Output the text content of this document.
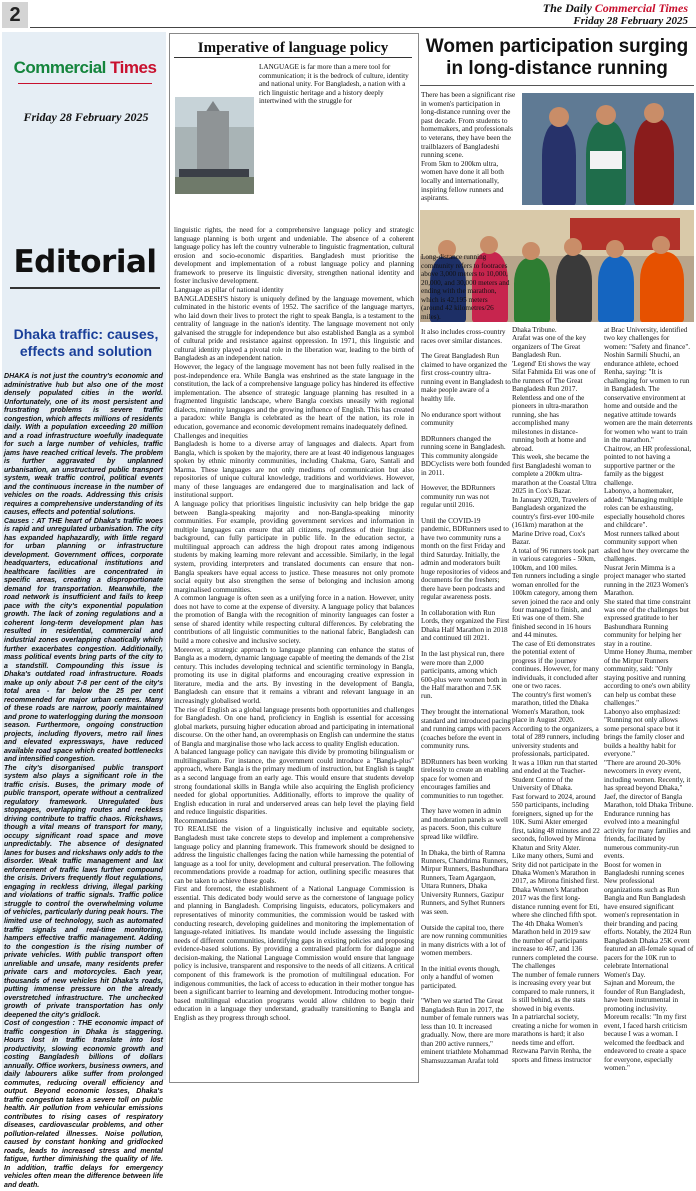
2	The Daily Commercial Times
Friday 28 February 2025
Commercial Times
Friday 28 February 2025
Editorial
Dhaka traffic: causes, effects and solution

DHAKA is not just the country's economic and administrative hub but also one of the most densely populated cities in the world. Unfortunately, one of its most persistent and frustrating problems is severe traffic congestion, which affects millions of residents daily. With a population exceeding 20 million and a road infrastructure woefully inadequate for such a large number of vehicles, traffic jams have reached critical levels. The problem is further aggravated by unplanned urbanisation, an unstructured public transport system, weak traffic control, political events and the continuous increase in the number of vehicles on the roads. Addressing this crisis requires a comprehensive understanding of its causes, effects and potential solutions.

Causes : AT THE heart of Dhaka's traffic woes is rapid and unregulated urbanisation. The city has expanded haphazardly, with little regard for urban planning or infrastructure development. Government offices, corporate headquarters, educational institutions and healthcare facilities are concentrated in specific areas, creating a disproportionate demand for transportation. Meanwhile, the road network is insufficient and fails to keep pace with the city's exponential population growth. The lack of zoning regulations and a coherent long-term development plan has resulted in residential, commercial and industrial zones overlapping chaotically which further exacerbates congestion. Additionally, mass political events bring parts of the city to a standstill. Compounding this issue is Dhaka's outdated road infrastructure. Roads make up only about 7-8 per cent of the city's total area - far below the 25 per cent recommended for major urban centres. Many of these roads are narrow, poorly maintained and prone to waterlogging during the monsoon season. Furthermore, ongoing construction projects, including flyovers, metro rail lines and elevated expressways, have reduced available road space which created bottlenecks and intensified congestion.

The city's disorganised public transport system also plays a significant role in the traffic crisis. Buses, the primary mode of public transport, operate without a centralized regulatory framework. Unregulated bus stoppages, overlapping routes and reckless driving contribute to traffic chaos. Rickshaws, though a vital means of transport for many, occupy significant road space and move unpredictably. The absence of designated lanes for buses and rickshaws only adds to the disorder. Weak traffic management and lax enforcement of traffic laws further compound the crisis. Drivers frequently flout regulations, engaging in reckless driving, illegal parking and violations of traffic signals. Traffic police struggle to control the overwhelming volume of vehicles, particularly during peak hours. The limited use of technology, such as automated traffic signals and real-time monitoring, hampers effective traffic management. Adding to the congestion is the rising number of private vehicles. With public transport often unreliable and unsafe, many residents prefer private cars and motorcycles. Each year, thousands of new vehicles hit Dhaka's roads, putting immense pressure on the already overstretched infrastructure. The unchecked growth of private transportation has only deepened the city's gridlock.

Cost of congestion : THE economic impact of traffic congestion in Dhaka is staggering. Hours lost in traffic translate into lost productivity, slowing economic growth and costing Bangladesh billions of dollars annually. Office workers, business owners, and daily labourers alike suffer from prolonged commutes, reducing overall efficiency and output. Beyond economic losses, Dhaka's traffic congestion takes a severe toll on public health. Air pollution from vehicular emissions contributes to rising cases of respiratory diseases, cardiovascular problems, and other pollution-related illnesses. Noise pollution, caused by constant honking and gridlocked roads, leads to increased stress and mental fatigue, further diminishing the quality of life. In addition, traffic delays for emergency vehicles often mean the difference between life and death.

Imperative of language policy

LANGUAGE is far more than a mere tool for communication; it is the bedrock of culture, identity and national unity. For Bangladesh, a nation with a rich linguistic heritage and a history deeply intertwined with the struggle for

linguistic rights, the need for a comprehensive language policy and strategic language planning is both urgent and undeniable. The absence of a coherent language policy has left the country vulnerable to linguistic fragmentation, cultural erosion and socio-economic disparities. Bangladesh must prioritise the development and implementation of a robust language policy and planning framework to preserve its linguistic diversity, strengthen national identity and foster inclusive development.

Language as pillar of national identity

BANGLADESH'S history is uniquely defined by the language movement, which culminated in the historic events of 1952. The sacrifice of the language martyrs, who laid down their lives to protect the right to speak Bangla, is a testament to the centrality of language in the nation's identity. The language movement not only galvanised the struggle for independence but also established Bangla as a symbol of cultural pride and resistance against oppression. In 1971, this linguistic and cultural identity played a pivotal role in the liberation war, leading to the birth of Bangladesh as an independent nation.

However, the legacy of the language movement has not been fully realised in the post-independence era. While Bangla was enshrined as the state language in the constitution, the lack of a comprehensive language policy has hindered its effective implementation. The absence of strategic language planning has resulted in a fragmented linguistic landscape, where Bangla coexists uneasily with regional dialects, minority languages and the growing influence of English. This has created a paradox: while Bangla is celebrated as the heart of the nation, its role in education, governance and economic development remains inadequately defined.

Challenges and inequities

Bangladesh is home to a diverse array of languages and dialects. Apart from Bangla, which is spoken by the majority, there are at least 40 indigenous languages spoken by ethnic minority communities, including Chakma, Garo, Santali and Marma. These languages are not only mediums of communication but also repositories of unique cultural knowledge, traditions and worldviews. However, many of these languages are endangered due to marginalisation and lack of institutional support.

A language policy that prioritises linguistic inclusivity can help bridge the gap between Bangla-speaking majority and non-Bangla-speaking minority communities. For example, providing government services and information in multiple languages can ensure that all citizens, regardless of their linguistic background, can fully participate in public life. In the education sector, a multilingual approach can address the high dropout rates among indigenous students by making learning more relevant and accessible. Similarly, in the legal system, providing interpreters and translated documents can ensure that non-Bangla speakers have equal access to justice. These measures not only promote social equity but also strengthen the sense of belonging and inclusion among marginalised communities.

A common language is often seen as a unifying force in a nation. However, unity does not have to come at the expense of diversity. A language policy that balances the promotion of Bangla with the recognition of minority languages can foster a sense of shared identity while respecting cultural differences. By celebrating the contributions of all linguistic communities to the national fabric, Bangladesh can build a more cohesive and inclusive society.

Moreover, a strategic approach to language planning can enhance the status of Bangla as a modern, dynamic language capable of meeting the demands of the 21st century. This includes developing technical and scientific terminology in Bangla, promoting its use in digital platforms and encouraging creative expression in literature, media and the arts. By investing in the development of Bangla, Bangladesh can ensure that it remains a vibrant and relevant language in an increasingly globalised world.

The rise of English as a global language presents both opportunities and challenges for Bangladesh. On one hand, proficiency in English is essential for accessing global markets, pursuing higher education abroad and participating in international discourse. On the other hand, an overemphasis on English can undermine the status of Bangla and marginalise those who lack access to quality English education.

A balanced language policy can navigate this divide by promoting bilingualism or multilingualism. For instance, the government could introduce a "Bangla-plus" approach, where Bangla is the primary medium of instruction, but English is taught as a second language from an early age. This would ensure that students develop strong foundational skills in Bangla while also acquiring the English proficiency needed for global opportunities. Additionally, efforts to improve the quality of English education in rural and underserved areas can help level the playing field and reduce linguistic disparities.

Recommendations

TO REALISE the vision of a linguistically inclusive and equitable society, Bangladesh must take concrete steps to develop and implement a comprehensive language policy and planning framework. This framework should be designed to address the linguistic challenges facing the nation while harnessing the potential of language as a tool for unity, development and cultural preservation. The following recommendations provide a roadmap for action, outlining specific measures that can be taken to achieve these goals.

First and foremost, the establishment of a National Language Commission is essential. This dedicated body would serve as the cornerstone of language policy and planning in Bangladesh. Comprising linguists, educators, policymakers and representatives of minority communities, the commission would be tasked with conducting research, developing guidelines and monitoring the implementation of language-related initiatives. Its mandate would include assessing the linguistic needs of different communities, identifying gaps in existing policies and proposing evidence-based solutions. By providing a centralised platform for dialogue and decision-making, the National Language Commission would ensure that language policy is inclusive, transparent and responsive to the needs of all citizens. A critical component of this framework is the promotion of multilingual education. For indigenous communities, the lack of access to education in their mother tongue has been a significant barrier to learning and development. Introducing mother tongue-based multilingual education programs would allow children to begin their education in a language they understand, gradually transitioning to Bangla and English as they progress through school.

Women participation surging in long-distance running

There has been a significant rise in women's participation in long-distance running over the past decade. From students to homemakers, and professionals to veterans, they have been the trailblazers of Bangladeshi running scene.

From 5km to 200km ultra, women have done it all both locally and internationally, inspiring fellow runners and aspirants.

Long-distance running community refers to footraces above 3,000 meters to 10,000, 20,000, and 30,000 meters and ending with the marathon, which is 42,195 meters (around 42 kilometres/26 miles).

It also includes cross-country races over similar distances.

The Great Bangladesh Run claimed to have organized the first cross-country ultra-running event in Bangladesh to make people aware of a healthy life.

No endurance sport without community

BDRunners changed the running scene in Bangladesh. This community alongside BDCyclists were both founded in 2011.

However, the BDRunners community run was not regular until 2016.

Until the COVID-19 pandemic, BDRunners used to have two community runs a month on the first Friday and third Saturday. Initially, the admin and moderators built huge repositories of videos and documents for the freshers; there have been podcasts and regular awareness posts.

In collaboration with Run Lords, they organized the First Dhaka Half Marathon in 2018 and continued till 2021.

In the last physical run, there were more than 2,000 participants, among which 600-plus were women both in the Half marathon and 7.5K run.

They brought the international standard and introduced pacing and running camps with pacers (coaches before the event in community runs.

BDRunners has been working tirelessly to create an enabling space for women and encourages families and communities to run together.

They have women in admin and moderation panels as well as pacers. Soon, this culture spread like wildfire.

In Dhaka, the birth of Ramna Runners, Chandrima Runners, Mirpur Runners, Bashundhara Runners, Team Agargaon, Uttara Runners, Dhaka University Runners, Gazipur Runners, and Sylhet Runners was seen.

Outside the capital too, there are now running communities in many districts with a lot of women members.

In the initial events though, only a handful of women participated.

"When we started The Great Bangladesh Run in 2017, the number of female runners was less than 10. It increased gradually. Now, there are more than 200 active runners," eminent triathlete Mohammad Shamsuzzaman Arafat told

Dhaka Tribune.

Arafat was one of the key organizers of The Great Bangladesh Run.

'Legend' Eti shows the way

Sifat Fahmida Eti was one of the runners of The Great Bangladesh Run 2017.

Relentless and one of the pioneers in ultra-marathon running, she has accomplished many milestones in distance-running both at home and abroad.

This week, she became the first Bangladeshi woman to complete a 200km ultra-marathon at the Coastal Ultra 2025 in Cox's Bazar.

In January 2020, Travelers of Bangladesh organized the country's first-ever 100-mile (161km) marathon at the Marine Drive road, Cox's Bazar.

A total of 96 runners took part in various categories - 50km, 100km, and 100 miles.

Ten runners including a single woman enrolled for the 100km category, among them seven joined the race and only four managed to finish, and Eti was one of them. She finished second in 16 hours and 44 minutes.

The case of Eti demonstrates the potential extent of progress if the journey continues. However, for many individuals, it concluded after one or two races.

The country's first women's marathon, titled the Dhaka Women's Marathon, took place in August 2020.

According to the organizers, a total of 289 runners, including university students and professionals, participated.

It was a 10km run that started and ended at the Teacher-Student Centre of the University of Dhaka.

Fast forward to 2024, around 550 participants, including foreigners, signed up for the 10K. Sumi Akter emerged first, taking 48 minutes and 22 seconds, followed by Mirona Khatun and Srity Akter.

Like many others, Sumi and Srity did not participate in the Dhaka Women's Marathon in 2017, as Mirona finished first.

Dhaka Women's Marathon 2017 was the first long-distance running event for Eti, where she clinched fifth spot.

The 4th Dhaka Women's Marathon held in 2019 saw the number of participants increase to 467, and 136 runners completed the course.

The challenges

The number of female runners is increasing every year but compared to male runners, it is still behind, as the stats showed in big events.

In a patriarchal society, creating a niche for women in marathons is hard; it also needs time and effort.

Rezwana Parvin Renha, the sports and fitness instructor

at Brac University, identified two key challenges for women: "Safety and finance".

Noshin Sarmili Shuchi, an endurance athlete, echoed Renha, saying: "It is challenging for women to run in Bangladesh. The conservative environment at home and outside and the negative attitude towards women are the main deterrents for women who want to train in the marathon."

Chaitrow, an HR professional, pointed to not having a supportive partner or the family as the biggest challenge.

Labonyo, a homemaker, added: "Managing multiple roles can be exhausting, especially household chores and childcare".

Most runners talked about community support when asked how they overcame the challenges.

Nusrat Jerin Mimma is a project manager who started running in the 2023 Women's Marathon.

She stated that time constraint was one of the challenges but expressed gratitude to her Bashundhara Running community for helping her stay in a routine.

Umme Honey Jhuma, member of the Mirpur Runners community, said: "Only staying positive and running according to one's own ability can help us combat these challenges."

Labonyo also emphasized: "Running not only allows some personal space but it brings the family closer and builds a healthy habit for everyone."

"There are around 20-30% newcomers in every event, including women. Recently, it has spread beyond Dhaka," Jaef, the director of Bangla Marathon, told Dhaka Tribune.

Endurance running has evolved into a meaningful activity for many families and friends, facilitated by numerous community-run events.

Boost for women in Bangladeshi running scenes

New professional organizations such as Run Bangla and Run Bangladesh have ensured significant women's representation in their branding and pacing efforts. Notably, the 2024 Run Bangladesh Dhaka 25K event featured an all-female squad of pacers for the 10K run to celebrate International Women's Day.

Sajnan and Moreum, the founder of Run Bangladesh, have been instrumental in promoting inclusivity.

Moreum recalls: "In my first event, I faced harsh criticism because I was a woman. I welcomed the feedback and endeavored to create a space for everyone, especially women."
